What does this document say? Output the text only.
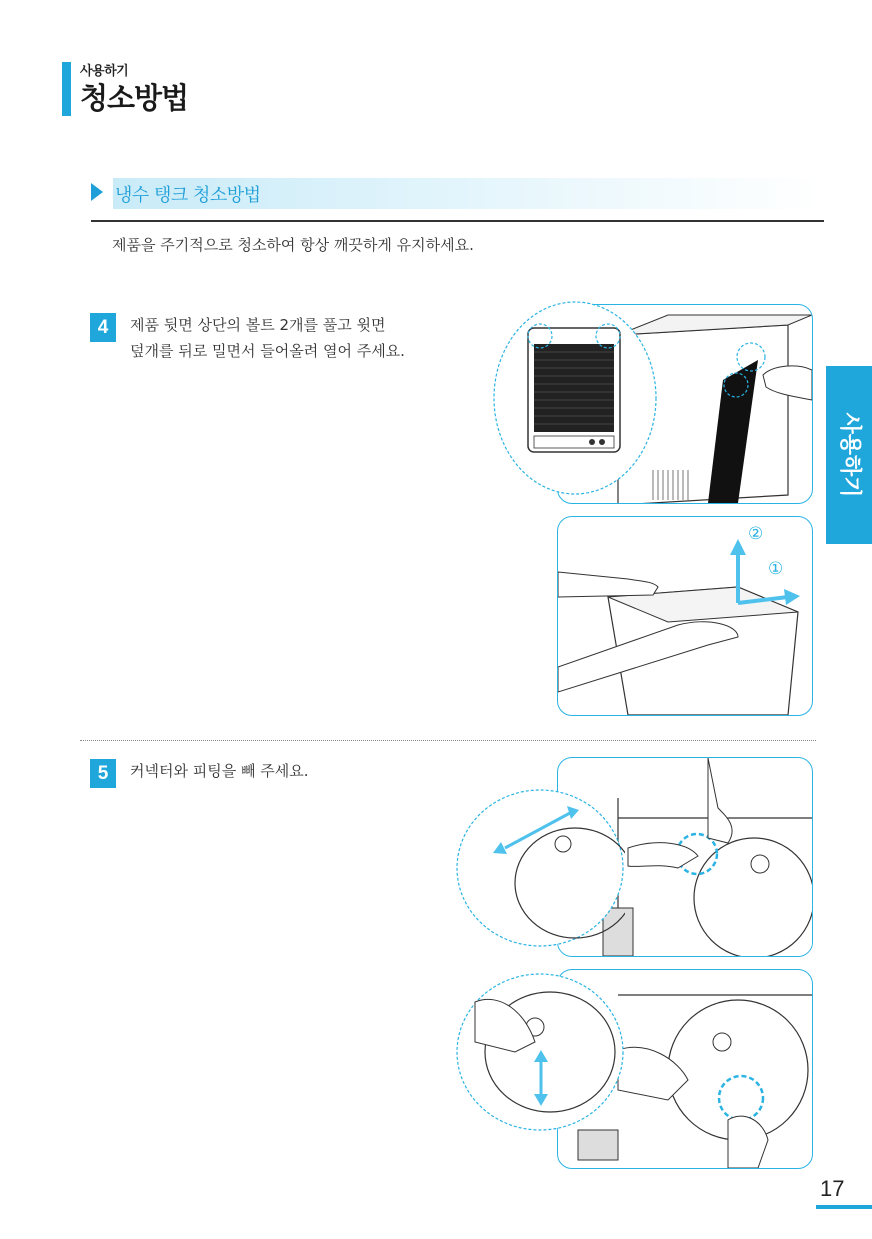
사용하기
청소방법
냉수 탱크 청소방법
제품을 주기적으로 청소하여 항상 깨끗하게 유지하세요.
4	제품 뒷면 상단의 볼트 2개를 풀고 윗면
덮개를 뒤로 밀면서 들어올려 열어 주세요.
②
①
5	커넥터와 피팅을 빼 주세요.
사용하기
17
